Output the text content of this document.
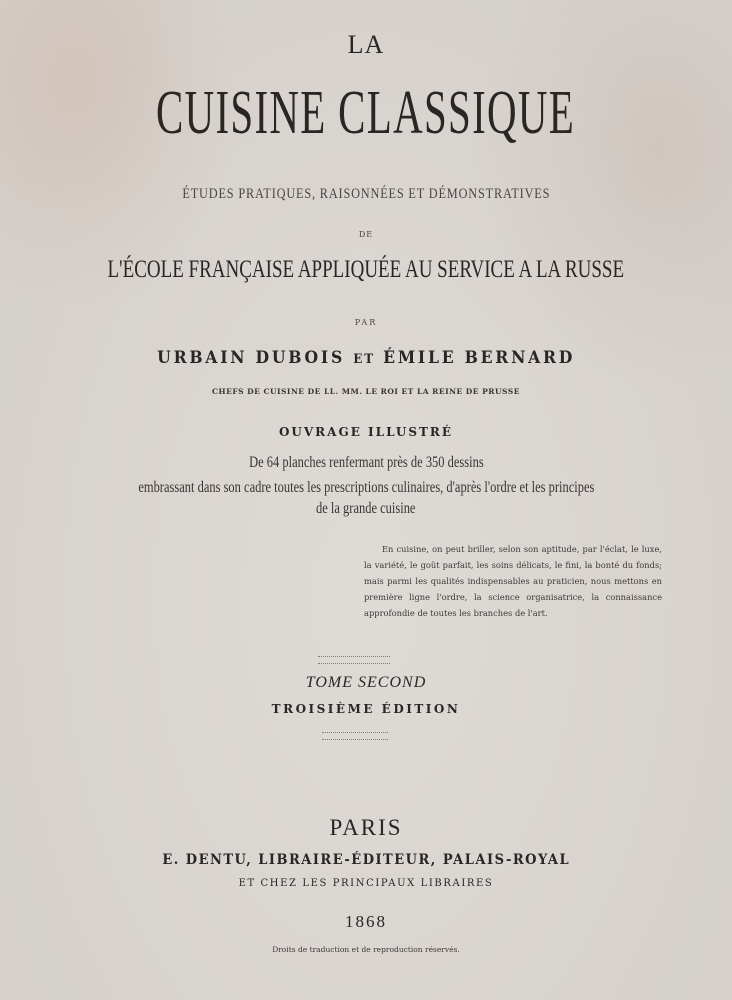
LA
CUISINE CLASSIQUE
ÉTUDES PRATIQUES, RAISONNÉES ET DÉMONSTRATIVES
DE
L'ÉCOLE FRANÇAISE APPLIQUÉE AU SERVICE A LA RUSSE
PAR
URBAIN DUBOIS ET ÉMILE BERNARD
CHEFS DE CUISINE DE LL. MM. LE ROI ET LA REINE DE PRUSSE
OUVRAGE ILLUSTRÉ
De 64 planches renfermant près de 350 dessins
embrassant dans son cadre toutes les prescriptions culinaires, d'après l'ordre et les principes
de la grande cuisine
En cuisine, on peut briller, selon son aptitude, par l'éclat, le luxe, la variété, le goût parfait, les soins délicats, le fini, la bonté du fonds; mais parmi les qualités indispensables au praticien, nous mettons en première ligne l'ordre, la science organisatrice, la connaissance approfondie de toutes les branches de l'art.
TOME SECOND
TROISIÈME ÉDITION
PARIS
E. DENTU, LIBRAIRE-ÉDITEUR, PALAIS-ROYAL
ET CHEZ LES PRINCIPAUX LIBRAIRES
1868
Droits de traduction et de reproduction réservés.
